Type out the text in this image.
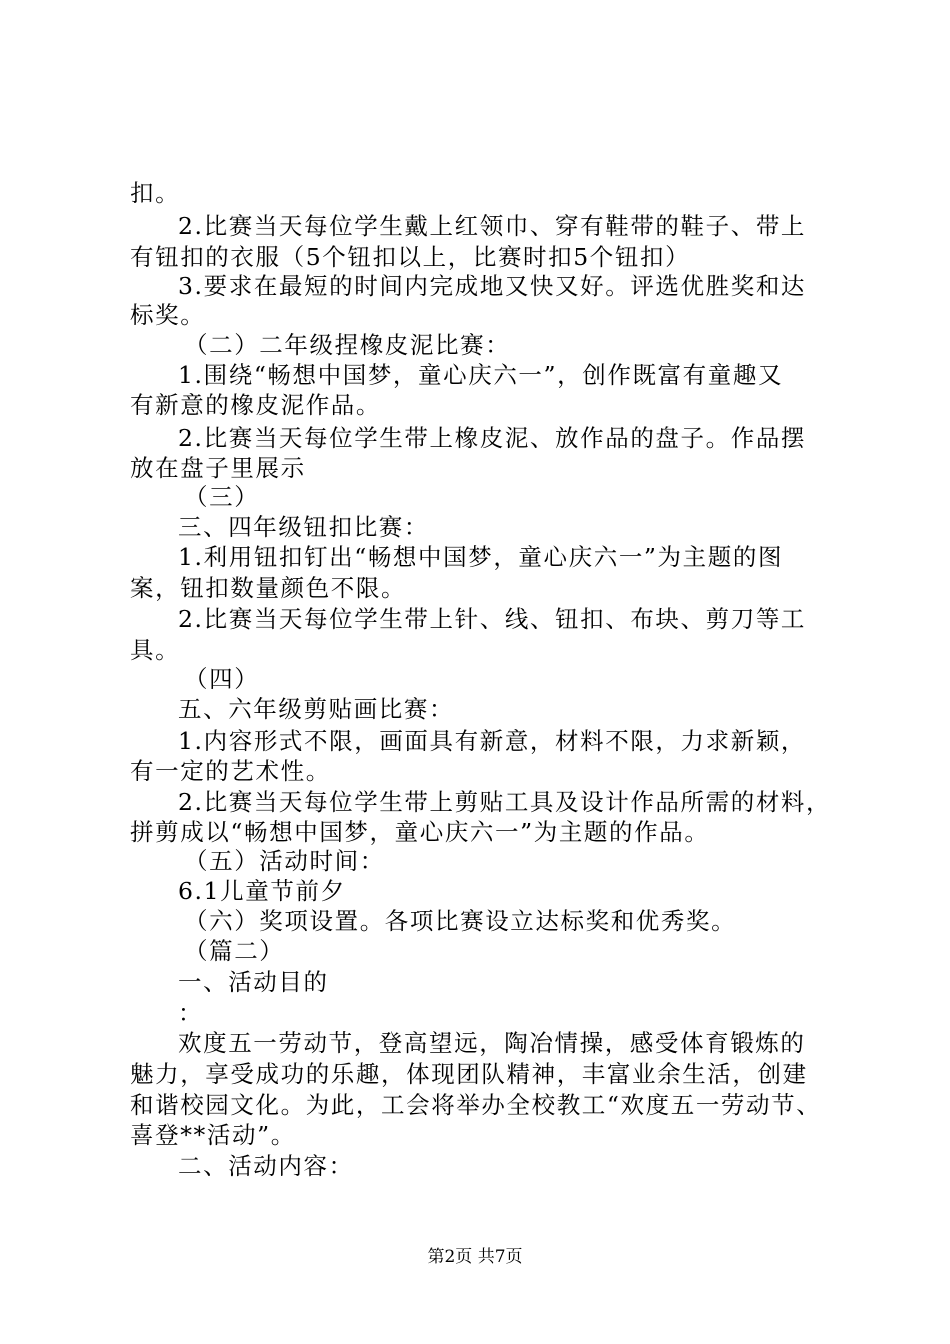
扣。
2.比赛当天每位学生戴上红领巾、穿有鞋带的鞋子、带上
有钮扣的衣服（5个钮扣以上，比赛时扣5个钮扣）
3.要求在最短的时间内完成地又快又好。评选优胜奖和达
标奖。
（二）二年级捏橡皮泥比赛：
1.围绕“畅想中国梦，童心庆六一”，创作既富有童趣又
有新意的橡皮泥作品。
2.比赛当天每位学生带上橡皮泥、放作品的盘子。作品摆
放在盘子里展示
（三）
三、四年级钮扣比赛：
1.利用钮扣钉出“畅想中国梦，童心庆六一”为主题的图
案，钮扣数量颜色不限。
2.比赛当天每位学生带上针、线、钮扣、布块、剪刀等工
具。
（四）
五、六年级剪贴画比赛：
1.内容形式不限，画面具有新意，材料不限，力求新颖，
有一定的艺术性。
2.比赛当天每位学生带上剪贴工具及设计作品所需的材料，
拼剪成以“畅想中国梦，童心庆六一”为主题的作品。
（五）活动时间：
6.1儿童节前夕
（六）奖项设置。各项比赛设立达标奖和优秀奖。
（篇二）
一、活动目的
：
欢度五一劳动节，登高望远，陶冶情操，感受体育锻炼的
魅力，享受成功的乐趣，体现团队精神，丰富业余生活，创建
和谐校园文化。为此，工会将举办全校教工“欢度五一劳动节、
喜登**活动”。
二、活动内容：
第2页 共7页
